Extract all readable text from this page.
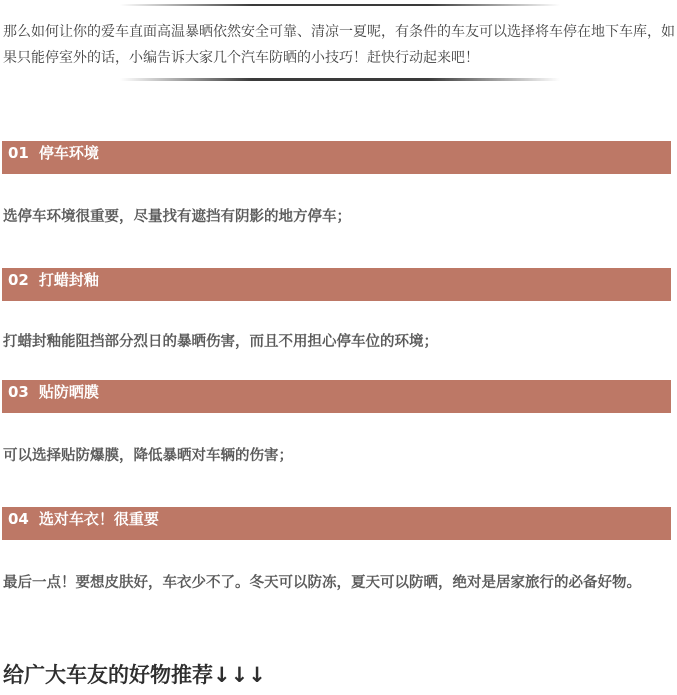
那么如何让你的爱车直面高温暴晒依然安全可靠、清凉一夏呢，有条件的车友可以选择将车停在地下车库，如果只能停室外的话，小编告诉大家几个汽车防晒的小技巧！赶快行动起来吧！

01 停车环境

选停车环境很重要，尽量找有遮挡有阴影的地方停车；

02 打蜡封釉

打蜡封釉能阻挡部分烈日的暴晒伤害，而且不用担心停车位的环境；

03 贴防晒膜

可以选择贴防爆膜，降低暴晒对车辆的伤害；

04 选对车衣！很重要

最后一点！要想皮肤好，车衣少不了。冬天可以防冻，夏天可以防晒，绝对是居家旅行的必备好物。

给广大车友的好物推荐↓↓↓
